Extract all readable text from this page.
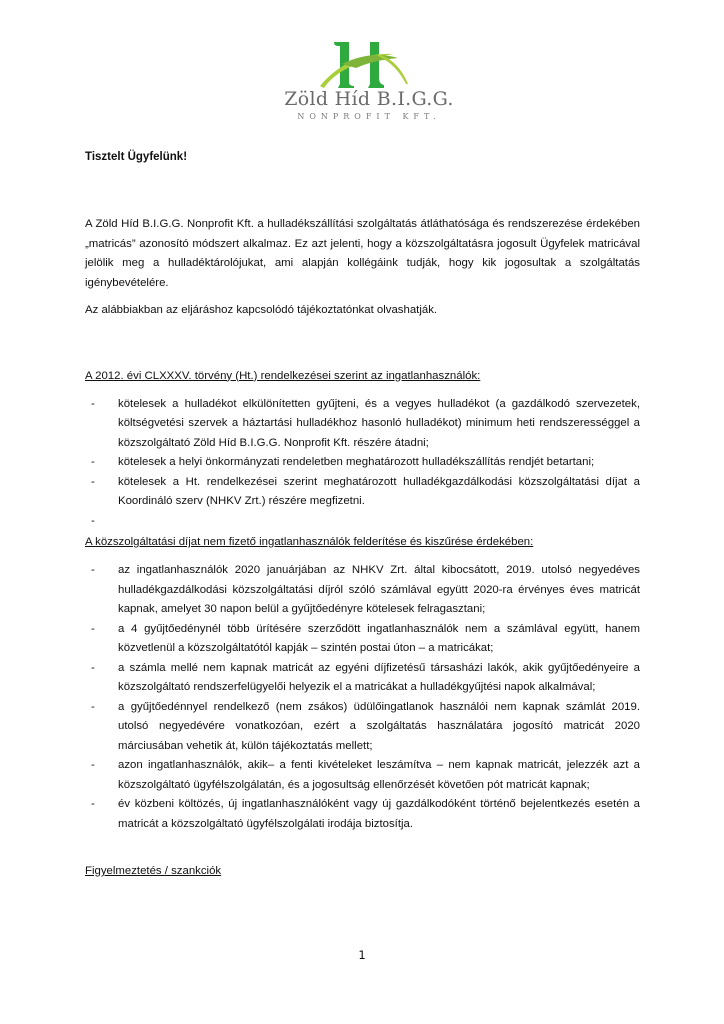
Zöld Híd B.I.G.G.
NONPROFIT KFT.

Tisztelt Ügyfelünk!

A Zöld Híd B.I.G.G. Nonprofit Kft. a hulladékszállítási szolgáltatás átláthatósága és rendszerezése érdekében „matricás” azonosító módszert alkalmaz. Ez azt jelenti, hogy a közszolgáltatásra jogosult Ügyfelek matricával jelölik meg a hulladéktárolójukat, ami alapján kollégáink tudják, hogy kik jogosultak a szolgáltatás igénybevételére.

Az alábbiakban az eljáráshoz kapcsolódó tájékoztatónkat olvashatják.

A 2012. évi CLXXXV. törvény (Ht.) rendelkezései szerint az ingatlanhasználók:

- kötelesek a hulladékot elkülönítetten gyűjteni, és a vegyes hulladékot (a gazdálkodó szervezetek, költségvetési szervek a háztartási hulladékhoz hasonló hulladékot) minimum heti rendszerességgel a közszolgáltató Zöld Híd B.I.G.G. Nonprofit Kft. részére átadni;
- kötelesek a helyi önkormányzati rendeletben meghatározott hulladékszállítás rendjét betartani;
- kötelesek a Ht. rendelkezései szerint meghatározott hulladékgazdálkodási közszolgáltatási díjat a Koordináló szerv (NHKV Zrt.) részére megfizetni.
-

A közszolgáltatási díjat nem fizető ingatlanhasználók felderítése és kiszűrése érdekében:

- az ingatlanhasználók 2020 januárjában az NHKV Zrt. által kibocsátott, 2019. utolsó negyedéves hulladékgazdálkodási közszolgáltatási díjról szóló számlával együtt 2020-ra érvényes éves matricát kapnak, amelyet 30 napon belül a gyűjtőedényre kötelesek felragasztani;
- a 4 gyűjtőedénynél több ürítésére szerződött ingatlanhasználók nem a számlával együtt, hanem közvetlenül a közszolgáltatótól kapják – szintén postai úton – a matricákat;
- a számla mellé nem kapnak matricát az egyéni díjfizetésű társasházi lakók, akik gyűjtőedényeire a közszolgáltató rendszerfelügyelői helyezik el a matricákat a hulladékgyűjtési napok alkalmával;
- a gyűjtőedénnyel rendelkező (nem zsákos) üdülőingatlanok használói nem kapnak számlát 2019. utolsó negyedévére vonatkozóan, ezért a szolgáltatás használatára jogosító matricát 2020 márciusában vehetik át, külön tájékoztatás mellett;
- azon ingatlanhasználók, akik– a fenti kivételeket leszámítva – nem kapnak matricát, jelezzék azt a közszolgáltató ügyfélszolgálatán, és a jogosultság ellenőrzését követően pót matricát kapnak;
- év közbeni költözés, új ingatlanhasználóként vagy új gazdálkodóként történő bejelentkezés esetén a matricát a közszolgáltató ügyfélszolgálati irodája biztosítja.

Figyelmeztetés / szankciók

1
